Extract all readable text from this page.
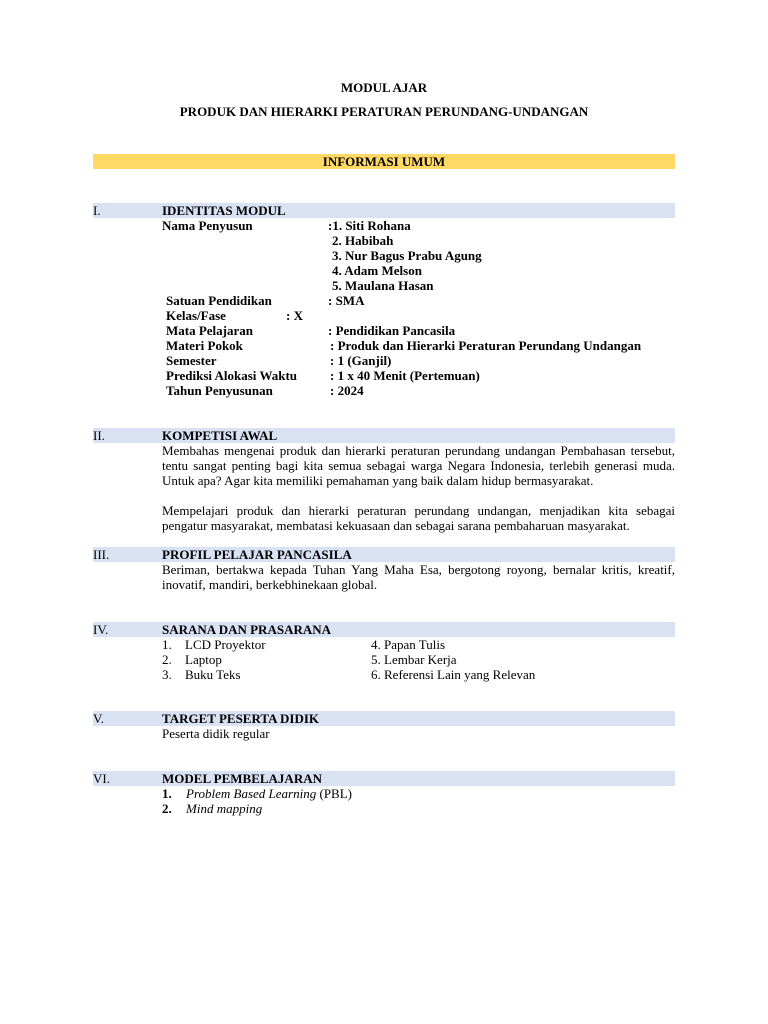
MODUL AJAR
PRODUK DAN HIERARKI PERATURAN PERUNDANG-UNDANGAN
INFORMASI UMUM
I.	IDENTITAS MODUL
Nama Penyusun	:1. Siti Rohana
2. Habibah
3. Nur Bagus Prabu Agung
4. Adam Melson
5. Maulana Hasan
Satuan Pendidikan	: SMA
Kelas/Fase	: X
Mata Pelajaran	: Pendidikan Pancasila
Materi Pokok	: Produk dan Hierarki Peraturan Perundang Undangan
Semester	: 1 (Ganjil)
Prediksi Alokasi Waktu	: 1 x 40 Menit (Pertemuan)
Tahun Penyusunan	: 2024
II.	KOMPETISI AWAL
Membahas mengenai produk dan hierarki peraturan perundang undangan Pembahasan tersebut, tentu sangat penting bagi kita semua sebagai warga Negara Indonesia, terlebih generasi muda. Untuk apa? Agar kita memiliki pemahaman yang baik dalam hidup bermasyarakat.
Mempelajari produk dan hierarki peraturan perundang undangan, menjadikan kita sebagai pengatur masyarakat, membatasi kekuasaan dan sebagai sarana pembaharuan masyarakat.
III.	PROFIL PELAJAR PANCASILA
Beriman, bertakwa kepada Tuhan Yang Maha Esa, bergotong royong, bernalar kritis, kreatif, inovatif, mandiri, berkebhinekaan global.
IV.	SARANA DAN PRASARANA
1. LCD Proyektor
2. Laptop
3. Buku Teks
4. Papan Tulis
5. Lembar Kerja
6. Referensi Lain yang Relevan
V.	TARGET PESERTA DIDIK
Peserta didik regular
VI.	MODEL PEMBELAJARAN
1. Problem Based Learning (PBL)
2. Mind mapping
